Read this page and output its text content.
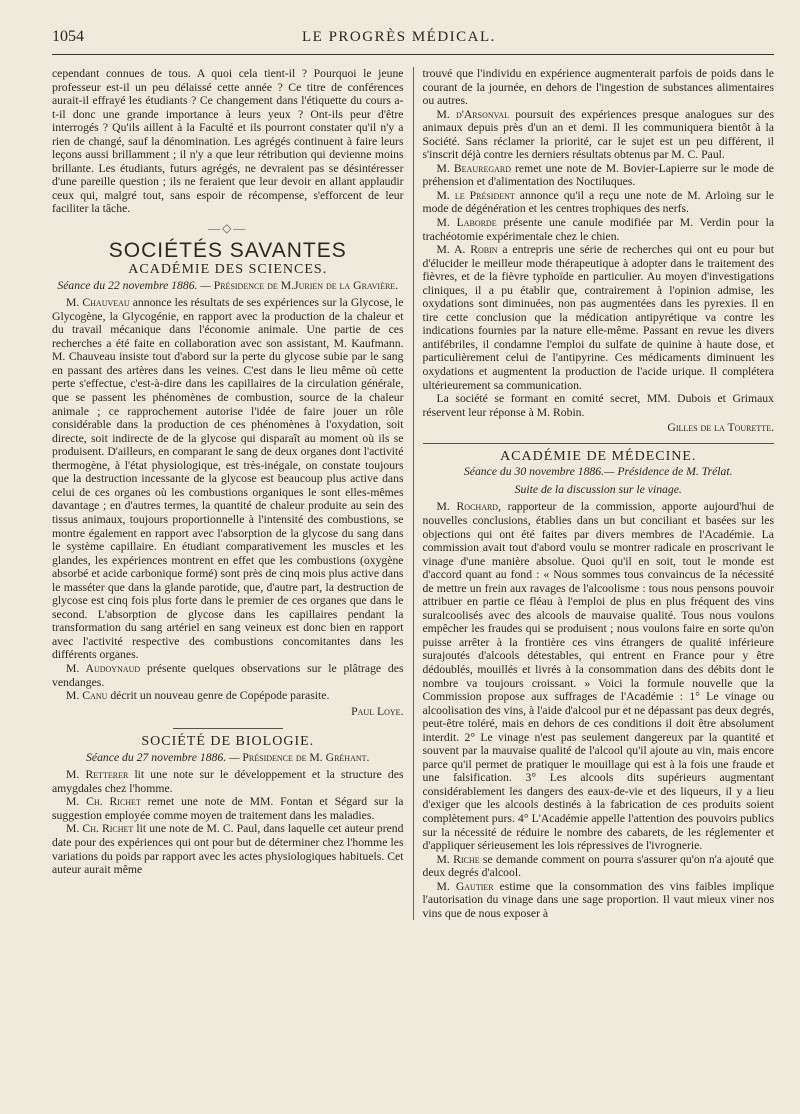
1054	LE PROGRÈS MÉDICAL.

cependant connues de tous. A quoi cela tient-il ? Pourquoi le jeune professeur est-il un peu délaissé cette année ? Ce titre de conférences aurait-il effrayé les étudiants ? Ce changement dans l'étiquette du cours a-t-il donc une grande importance à leurs yeux ? Ont-ils peur d'être interrogés ? Qu'ils aillent à la Faculté et ils pourront constater qu'il n'y a rien de changé, sauf la dénomination. Les agrégés continuent à faire leurs leçons aussi brillamment ; il n'y a que leur rétribution qui devienne moins brillante. Les étudiants, futurs agrégés, ne devraient pas se désintéresser d'une pareille question ; ils ne feraient que leur devoir en allant applaudir ceux qui, malgré tout, sans espoir de récompense, s'efforcent de leur faciliter la tâche.

—◇—
SOCIÉTÉS SAVANTES
ACADÉMIE DES SCIENCES.
Séance du 22 novembre 1886. — Présidence de M.Jurien de la Gravière.

M. Chauveau annonce les résultats de ses expériences sur la Glycose, le Glycogène, la Glycogénie, en rapport avec la production de la chaleur et du travail mécanique dans l'économie animale. Une partie de ces recherches a été faite en collaboration avec son assistant, M. Kaufmann. M. Chauveau insiste tout d'abord sur la perte du glycose subie par le sang en passant des artères dans les veines. C'est dans le lieu même où cette perte s'effectue, c'est-à-dire dans les capillaires de la circulation générale, que se passent les phénomènes de combustion, source de la chaleur animale ; ce rapprochement autorise l'idée de faire jouer un rôle considérable dans la production de ces phénomènes à l'oxydation, soit directe, soit indirecte de de la glycose qui disparaît au moment où ils se produisent. D'ailleurs, en comparant le sang de deux organes dont l'activité thermogène, à l'état physiologique, est très-inégale, on constate toujours que la destruction incessante de la glycose est beaucoup plus active dans celui de ces organes où les combustions organiques le sont elles-mêmes davantage ; en d'autres termes, la quantité de chaleur produite au sein des tissus animaux, toujours proportionnelle à l'intensité des combustions, se montre également en rapport avec l'absorption de la glycose du sang dans le système capillaire. En étudiant comparativement les muscles et les glandes, les expériences montrent en effet que les combustions (oxygène absorbé et acide carbonique formé) sont près de cinq mois plus active dans le masséter que dans la glande parotide, que, d'autre part, la destruction de glycose est cinq fois plus forte dans le premier de ces organes que dans le second. L'absorption de glycose dans les capillaires pendant la transformation du sang artériel en sang veineux est donc bien en rapport avec l'activité respective des combustions concomitantes dans les différents organes.

M. Audoynaud présente quelques observations sur le plâtrage des vendanges.

M. Canu décrit un nouveau genre de Copépode parasite.

Paul Loye.
SOCIÉTÉ DE BIOLOGIE.
Séance du 27 novembre 1886. — Présidence de M. Gréhant.

M. Retterer lit une note sur le développement et la structure des amygdales chez l'homme.

M. Ch. Richet remet une note de MM. Fontan et Ségard sur la suggestion employée comme moyen de traitement dans les maladies.

M. Ch. Richet lit une note de M. C. Paul, dans laquelle cet auteur prend date pour des expériences qui ont pour but de déterminer chez l'homme les variations du poids par rapport avec les actes physiologiques habituels. Cet auteur aurait même

trouvé que l'individu en expérience augmenterait parfois de poids dans le courant de la journée, en dehors de l'ingestion de substances alimentaires ou autres.

M. d'Arsonval poursuit des expériences presque analogues sur des animaux depuis près d'un an et demi. Il les communiquera bientôt à la Société. Sans réclamer la priorité, car le sujet est un peu différent, il s'inscrit déjà contre les derniers résultats obtenus par M. C. Paul.

M. Beauregard remet une note de M. Bovier-Lapierre sur le mode de préhension et d'alimentation des Noctiluques.

M. le Président annonce qu'il a reçu une note de M. Arloing sur le mode de dégénération et les centres trophiques des nerfs.

M. Laborde présente une canule modifiée par M. Verdin pour la trachéotomie expérimentale chez le chien.

M. A. Robin a entrepris une série de recherches qui ont eu pour but d'élucider le meilleur mode thérapeutique à adopter dans le traitement des fièvres, et de la fièvre typhoïde en particulier. Au moyen d'investigations cliniques, il a pu établir que, contrairement à l'opinion admise, les oxydations sont diminuées, non pas augmentées dans les pyrexies. Il en tire cette conclusion que la médication antipyrétique va contre les indications fournies par la nature elle-même. Passant en revue les divers antifébriles, il condamne l'emploi du sulfate de quinine à haute dose, et particulièrement celui de l'antipyrine. Ces médicaments diminuent les oxydations et augmentent la production de l'acide urique. Il complétera ultérieurement sa communication.

La société se formant en comité secret, MM. Dubois et Grimaux réservent leur réponse à M. Robin.

Gilles de la Tourette.
ACADÉMIE DE MÉDECINE.
Séance du 30 novembre 1886.— Présidence de M. Trélat.
Suite de la discussion sur le vinage.

M. Rochard, rapporteur de la commission, apporte aujourd'hui de nouvelles conclusions, établies dans un but conciliant et basées sur les objections qui ont été faites par divers membres de l'Académie. La commission avait tout d'abord voulu se montrer radicale en proscrivant le vinage d'une manière absolue. Quoi qu'il en soit, tout le monde est d'accord quant au fond : « Nous sommes tous convaincus de la nécessité de mettre un frein aux ravages de l'alcoolisme : tous nous pensons pouvoir attribuer en partie ce fléau à l'emploi de plus en plus fréquent des vins suralcoolisés avec des alcools de mauvaise qualité. Tous nous voulons empêcher les fraudes qui se produisent ; nous voulons faire en sorte qu'on puisse arrêter à la frontière ces vins étrangers de qualité inférieure surajoutés d'alcools détestables, qui entrent en France pour y être dédoublés, mouillés et livrés à la consommation dans des débits dont le nombre va toujours croissant. » Voici la formule nouvelle que la Commission propose aux suffrages de l'Académie : 1° Le vinage ou alcoolisation des vins, à l'aide d'alcool pur et ne dépassant pas deux degrés, peut-être toléré, mais en dehors de ces conditions il doit être absolument interdit. 2° Le vinage n'est pas seulement dangereux par la quantité et souvent par la mauvaise qualité de l'alcool qu'il ajoute au vin, mais encore parce qu'il permet de pratiquer le mouillage qui est à la fois une fraude et une falsification. 3° Les alcools dits supérieurs augmentant considérablement les dangers des eaux-de-vie et des liqueurs, il y a lieu d'exiger que les alcools destinés à la fabrication de ces produits soient complètement purs. 4° L'Académie appelle l'attention des pouvoirs publics sur la nécessité de réduire le nombre des cabarets, de les réglementer et d'appliquer sérieusement les lois répressives de l'ivrognerie.

M. Riche se demande comment on pourra s'assurer qu'on n'a ajouté que deux degrés d'alcool.

M. Gautier estime que la consommation des vins faibles implique l'autorisation du vinage dans une sage proportion. Il vaut mieux viner nos vins que de nous exposer à
